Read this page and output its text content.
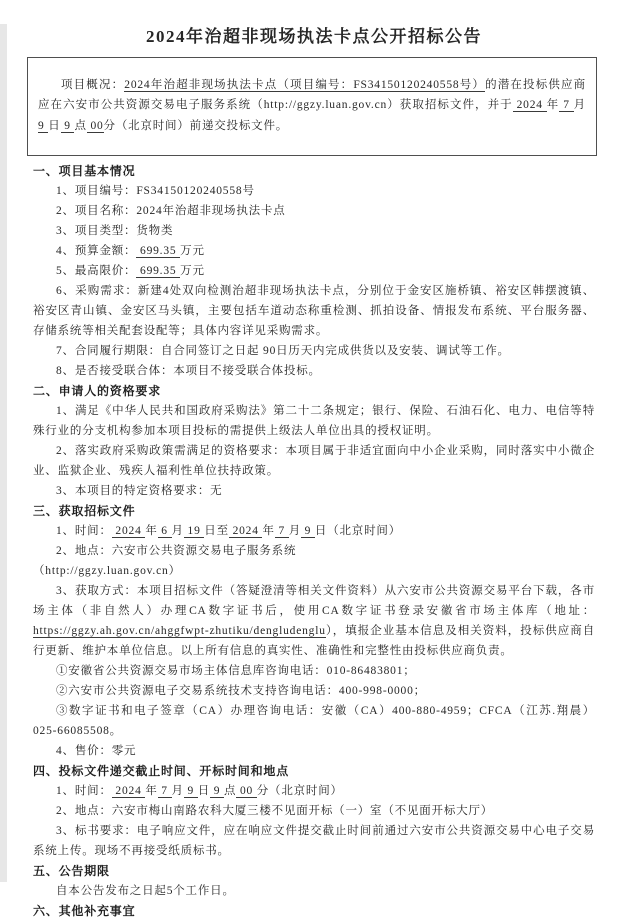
2024年治超非现场执法卡点公开招标公告

项目概况：2024年治超非现场执法卡点（项目编号：FS34150120240558号）的潜在投标供应商应在六安市公共资源交易电子服务系统（http://ggzy.luan.gov.cn）获取招标文件，并于 2024 年 7 月 9 日 9 点 00分（北京时间）前递交投标文件。

一、项目基本情况
1、项目编号：FS34150120240558号
2、项目名称：2024年治超非现场执法卡点
3、项目类型：货物类
4、预算金额： 699.35 万元
5、最高限价： 699.35 万元
6、采购需求：新建4处双向检测治超非现场执法卡点，分别位于金安区施桥镇、裕安区韩摆渡镇、裕安区青山镇、金安区马头镇，主要包括车道动态称重检测、抓拍设备、情报发布系统、平台服务器、存储系统等相关配套设配等；具体内容详见采购需求。
7、合同履行期限：自合同签订之日起 90日历天内完成供货以及安装、调试等工作。
8、是否接受联合体：本项目不接受联合体投标。
二、申请人的资格要求
1、满足《中华人民共和国政府采购法》第二十二条规定；银行、保险、石油石化、电力、电信等特殊行业的分支机构参加本项目投标的需提供上级法人单位出具的授权证明。
2、落实政府采购政策需满足的资格要求：本项目属于非适宜面向中小企业采购，同时落实中小微企业、监狱企业、残疾人福利性单位扶持政策。
3、本项目的特定资格要求：无
三、获取招标文件
1、时间： 2024 年 6 月 19 日至 2024 年 7 月 9 日（北京时间）
2、地点：六安市公共资源交易电子服务系统
（http://ggzy.luan.gov.cn）
3、获取方式：本项目招标文件（答疑澄清等相关文件资料）从六安市公共资源交易平台下载，各市场主体（非自然人）办理CA数字证书后，使用CA数字证书登录安徽省市场主体库（地址：https://ggzy.ah.gov.cn/ahggfwpt-zhutiku/dengludenglu），填报企业基本信息及相关资料，投标供应商自行更新、维护本单位信息。以上所有信息的真实性、准确性和完整性由投标供应商负责。
①安徽省公共资源交易市场主体信息库咨询电话：010-86483801；
②六安市公共资源电子交易系统技术支持咨询电话：400-998-0000；
③数字证书和电子签章（CA）办理咨询电话：安徽（CA）400-880-4959；CFCA（江苏.翔晨）025-66085508。
4、售价：零元
四、投标文件递交截止时间、开标时间和地点
1、时间： 2024 年 7 月 9 日 9 点 00 分（北京时间）
2、地点：六安市梅山南路农科大厦三楼不见面开标（一）室（不见面开标大厅）
3、标书要求：电子响应文件，应在响应文件提交截止时间前通过六安市公共资源交易中心电子交易系统上传。现场不再接受纸质标书。
五、公告期限
自本公告发布之日起5个工作日。
六、其他补充事宜
